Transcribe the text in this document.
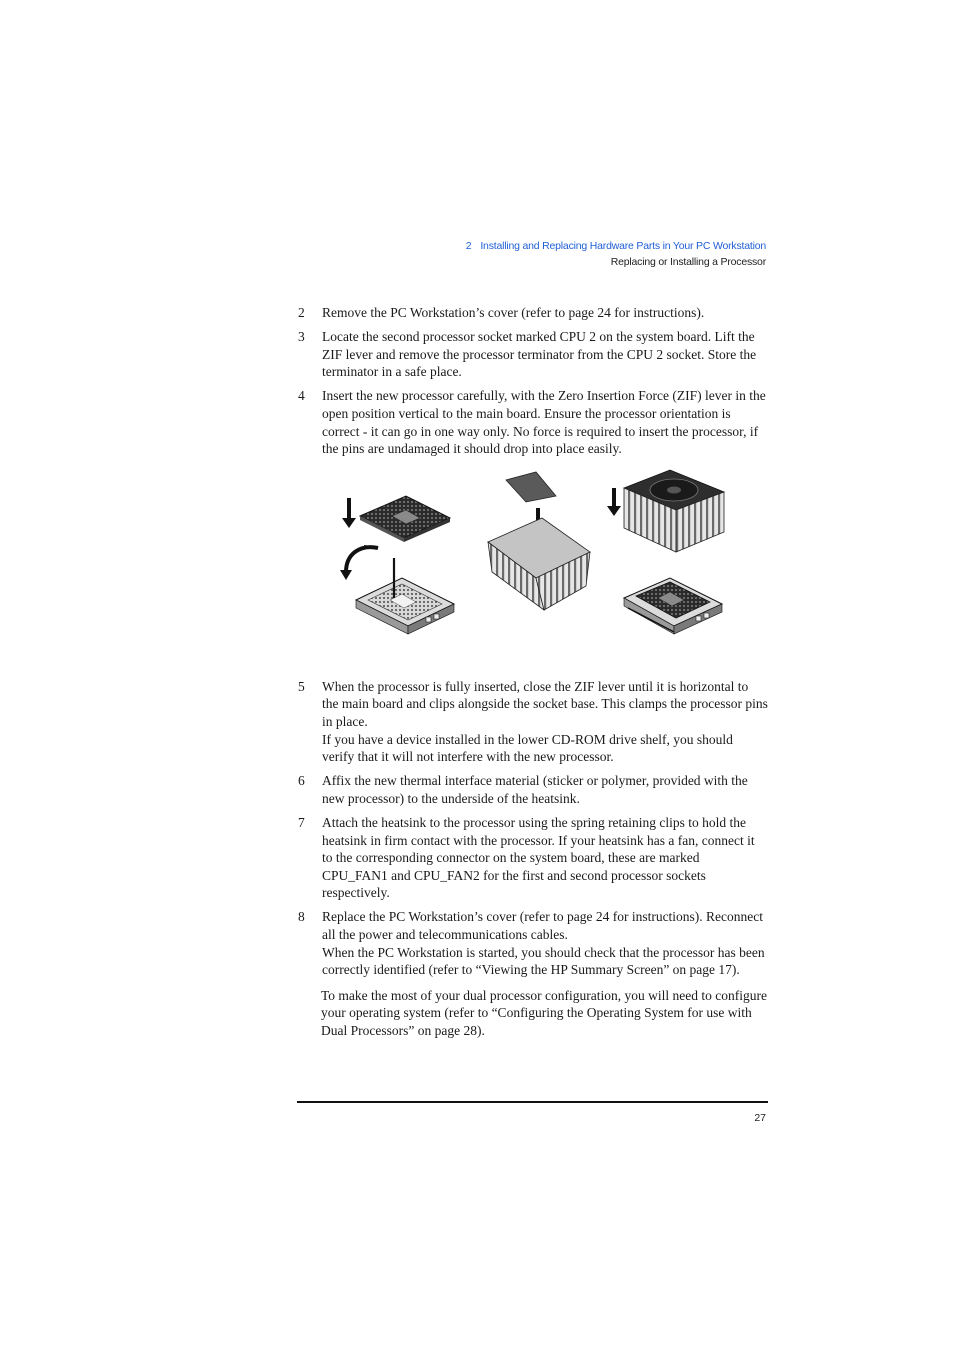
2 Installing and Replacing Hardware Parts in Your PC Workstation
Replacing or Installing a Processor
2 Remove the PC Workstation’s cover (refer to page 24 for instructions).
3 Locate the second processor socket marked CPU 2 on the system board. Lift the ZIF lever and remove the processor terminator from the CPU 2 socket. Store the terminator in a safe place.
4 Insert the new processor carefully, with the Zero Insertion Force (ZIF) lever in the open position vertical to the main board. Ensure the processor orientation is correct - it can go in one way only. No force is required to insert the processor, if the pins are undamaged it should drop into place easily.
5 When the processor is fully inserted, close the ZIF lever until it is horizontal to the main board and clips alongside the socket base. This clamps the processor pins in place.
If you have a device installed in the lower CD-ROM drive shelf, you should verify that it will not interfere with the new processor.
6 Affix the new thermal interface material (sticker or polymer, provided with the new processor) to the underside of the heatsink.
7 Attach the heatsink to the processor using the spring retaining clips to hold the heatsink in firm contact with the processor. If your heatsink has a fan, connect it to the corresponding connector on the system board, these are marked CPU_FAN1 and CPU_FAN2 for the first and second processor sockets respectively.
8 Replace the PC Workstation’s cover (refer to page 24 for instructions). Reconnect all the power and telecommunications cables.
When the PC Workstation is started, you should check that the processor has been correctly identified (refer to “Viewing the HP Summary Screen” on page 17).
To make the most of your dual processor configuration, you will need to configure your operating system (refer to “Configuring the Operating System for use with Dual Processors” on page 28).
27
